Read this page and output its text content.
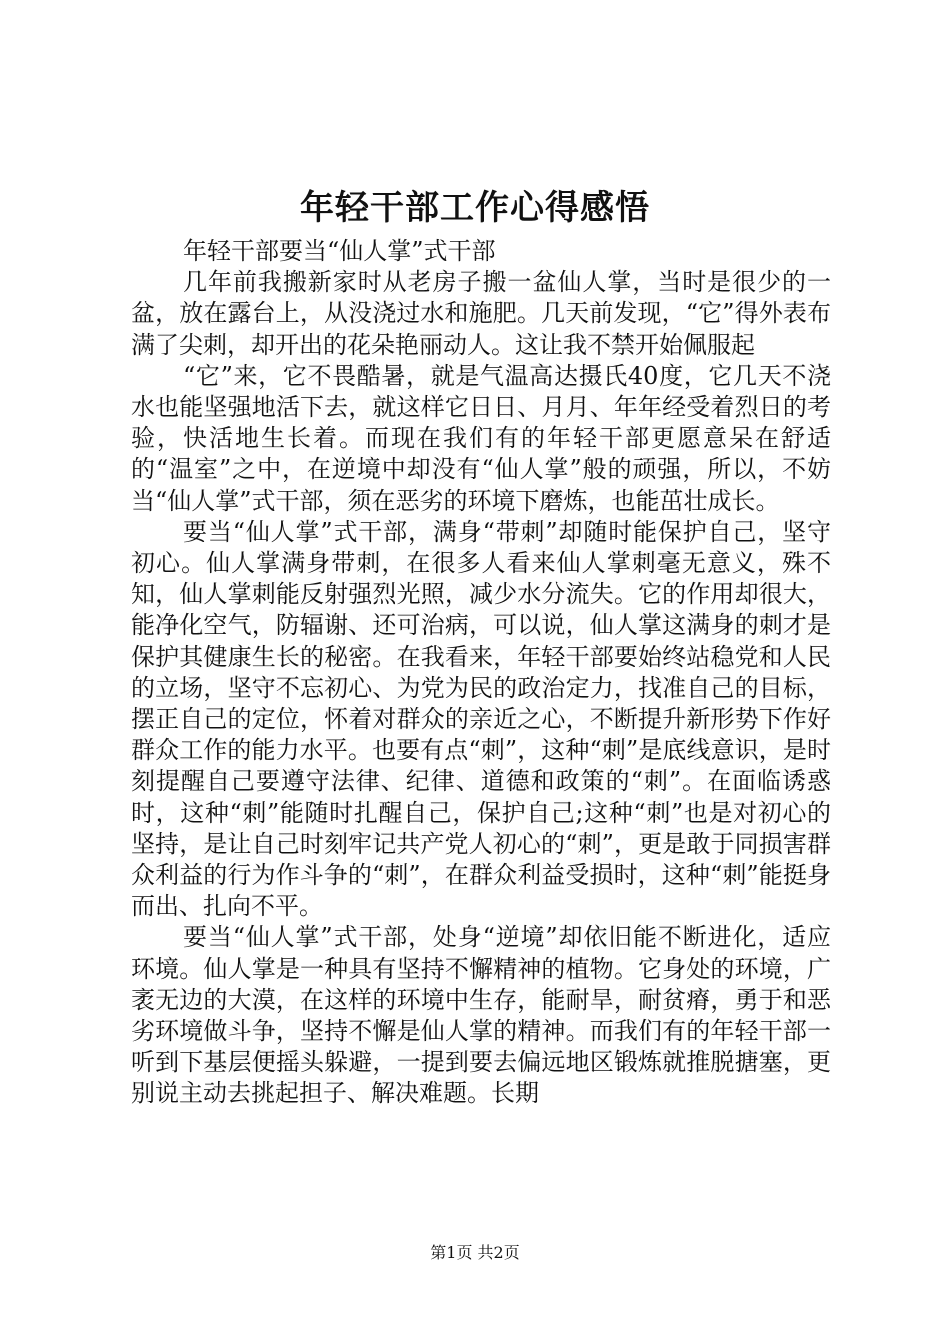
年轻干部工作心得感悟

年轻干部要当“仙人掌”式干部

几年前我搬新家时从老房子搬一盆仙人掌，当时是很少的一盆，放在露台上，从没浇过水和施肥。几天前发现，“它”得外表布满了尖刺，却开出的花朵艳丽动人。这让我不禁开始佩服起

“它”来，它不畏酷暑，就是气温高达摄氏40度，它几天不浇水也能坚强地活下去，就这样它日日、月月、年年经受着烈日的考验，快活地生长着。而现在我们有的年轻干部更愿意呆在舒适的“温室”之中，在逆境中却没有“仙人掌”般的顽强，所以，不妨当“仙人掌”式干部，须在恶劣的环境下磨炼，也能茁壮成长。

要当“仙人掌”式干部，满身“带刺”却随时能保护自己，坚守初心。仙人掌满身带刺，在很多人看来仙人掌刺毫无意义，殊不知，仙人掌刺能反射强烈光照，减少水分流失。它的作用却很大，能净化空气，防辐谢、还可治病，可以说，仙人掌这满身的刺才是保护其健康生长的秘密。在我看来，年轻干部要始终站稳党和人民的立场，坚守不忘初心、为党为民的政治定力，找准自己的目标，摆正自己的定位，怀着对群众的亲近之心，不断提升新形势下作好群众工作的能力水平。也要有点“刺”，这种“刺”是底线意识，是时刻提醒自己要遵守法律、纪律、道德和政策的“刺”。在面临诱惑时，这种“刺”能随时扎醒自己，保护自己;这种“刺”也是对初心的坚持，是让自己时刻牢记共产党人初心的“刺”，更是敢于同损害群众利益的行为作斗争的“刺”，在群众利益受损时，这种“刺”能挺身而出、扎向不平。

要当“仙人掌”式干部，处身“逆境”却依旧能不断进化，适应环境。仙人掌是一种具有坚持不懈精神的植物。它身处的环境，广袤无边的大漠，在这样的环境中生存，能耐旱，耐贫瘠，勇于和恶劣环境做斗争，坚持不懈是仙人掌的精神。而我们有的年轻干部一听到下基层便摇头躲避，一提到要去偏远地区锻炼就推脱搪塞，更别说主动去挑起担子、解决难题。长期

第1页 共2页
